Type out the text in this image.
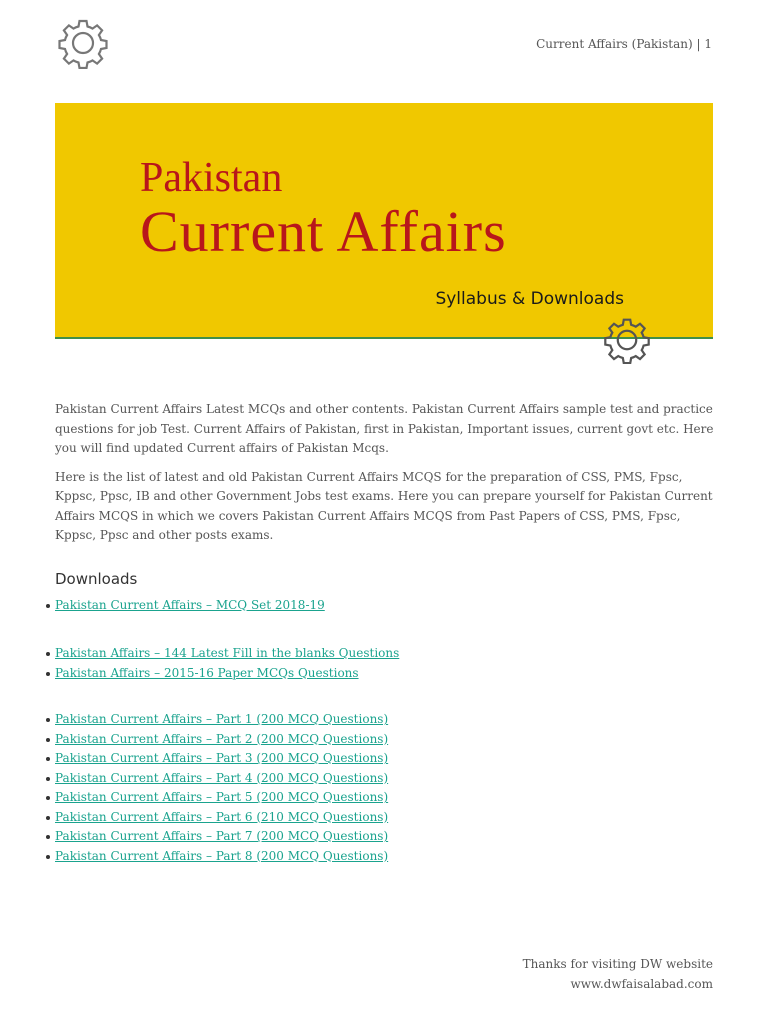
Current Affairs (Pakistan) | 1
Pakistan
Current Affairs
Syllabus & Downloads

Pakistan Current Affairs Latest MCQs and other contents. Pakistan Current Affairs sample test and practice questions for job Test. Current Affairs of Pakistan, first in Pakistan, Important issues, current govt etc. Here you will find updated Current affairs of Pakistan Mcqs.

Here is the list of latest and old Pakistan Current Affairs MCQS for the preparation of CSS, PMS, Fpsc, Kppsc, Ppsc, IB and other Government Jobs test exams. Here you can prepare yourself for Pakistan Current Affairs MCQS in which we covers Pakistan Current Affairs MCQS from Past Papers of CSS, PMS, Fpsc, Kppsc, Ppsc and other posts exams.

Downloads
Pakistan Current Affairs – MCQ Set 2018-19
Pakistan Affairs – 144 Latest Fill in the blanks Questions
Pakistan Affairs – 2015-16 Paper MCQs Questions
Pakistan Current Affairs – Part 1 (200 MCQ Questions)
Pakistan Current Affairs – Part 2 (200 MCQ Questions)
Pakistan Current Affairs – Part 3 (200 MCQ Questions)
Pakistan Current Affairs – Part 4 (200 MCQ Questions)
Pakistan Current Affairs – Part 5 (200 MCQ Questions)
Pakistan Current Affairs – Part 6 (210 MCQ Questions)
Pakistan Current Affairs – Part 7 (200 MCQ Questions)
Pakistan Current Affairs – Part 8 (200 MCQ Questions)
Thanks for visiting DW website
www.dwfaisalabad.com
